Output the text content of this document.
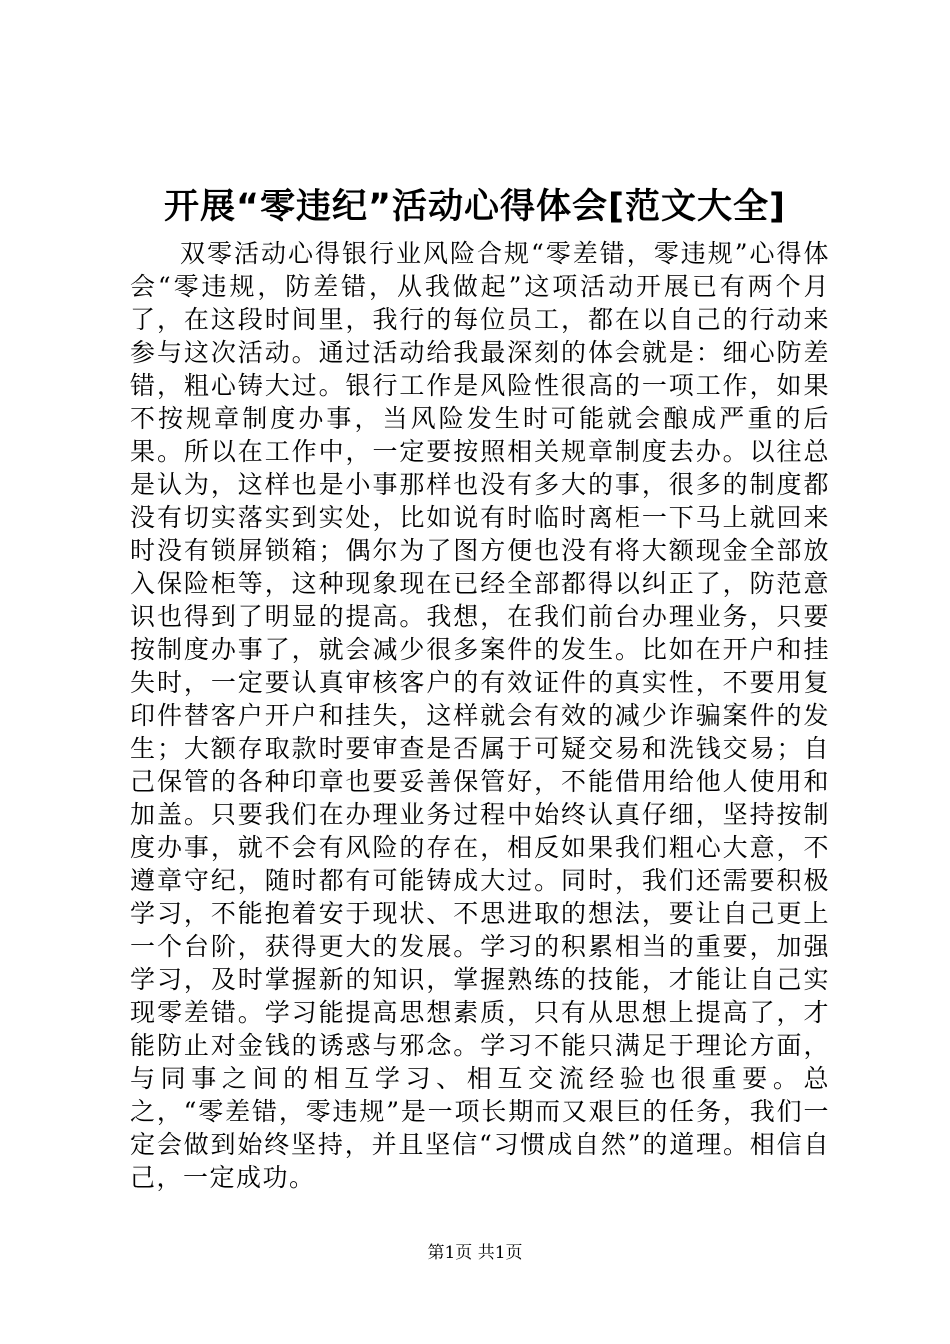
开展“零违纪”活动心得体会[范文大全]

双零活动心得银行业风险合规“零差错，零违规”心得体会“零违规，防差错，从我做起”这项活动开展已有两个月了，在这段时间里，我行的每位员工，都在以自己的行动来参与这次活动。通过活动给我最深刻的体会就是：细心防差错，粗心铸大过。银行工作是风险性很高的一项工作，如果不按规章制度办事，当风险发生时可能就会酿成严重的后果。所以在工作中，一定要按照相关规章制度去办。以往总是认为，这样也是小事那样也没有多大的事，很多的制度都没有切实落实到实处，比如说有时临时离柜一下马上就回来时没有锁屏锁箱；偶尔为了图方便也没有将大额现金全部放入保险柜等，这种现象现在已经全部都得以纠正了，防范意识也得到了明显的提高。我想，在我们前台办理业务，只要按制度办事了，就会减少很多案件的发生。比如在开户和挂失时，一定要认真审核客户的有效证件的真实性，不要用复印件替客户开户和挂失，这样就会有效的减少诈骗案件的发生；大额存取款时要审查是否属于可疑交易和洗钱交易；自己保管的各种印章也要妥善保管好，不能借用给他人使用和加盖。只要我们在办理业务过程中始终认真仔细，坚持按制度办事，就不会有风险的存在，相反如果我们粗心大意，不遵章守纪，随时都有可能铸成大过。同时，我们还需要积极学习，不能抱着安于现状、不思进取的想法，要让自己更上一个台阶，获得更大的发展。学习的积累相当的重要，加强学习，及时掌握新的知识，掌握熟练的技能，才能让自己实现零差错。学习能提高思想素质，只有从思想上提高了，才能防止对金钱的诱惑与邪念。学习不能只满足于理论方面，与同事之间的相互学习、相互交流经验也很重要。总之，“零差错，零违规”是一项长期而又艰巨的任务，我们一定会做到始终坚持，并且坚信“习惯成自然”的道理。相信自己，一定成功。

第1页 共1页
